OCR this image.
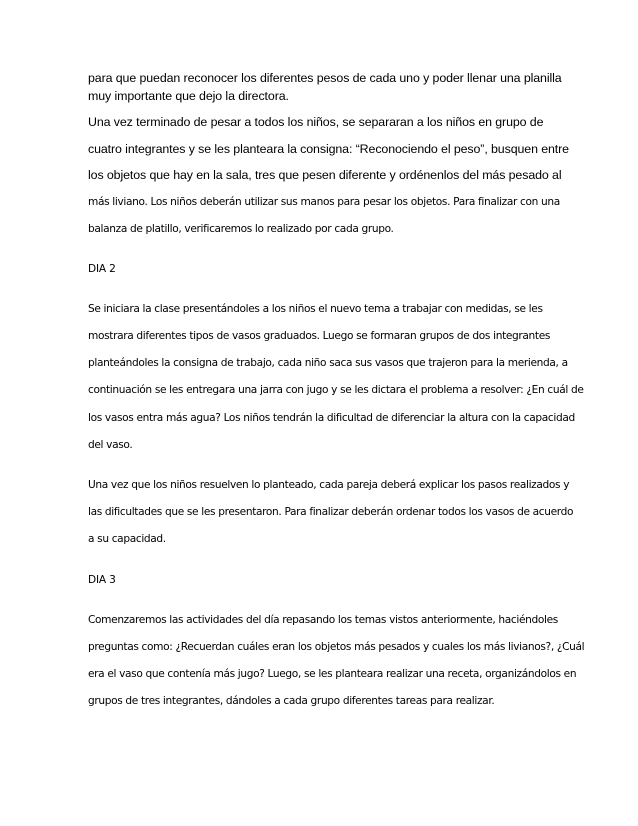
para que puedan reconocer los diferentes pesos de cada uno y poder llenar una planilla
muy importante que dejo la directora.
Una vez terminado de pesar a todos los niños, se separaran a los niños en grupo de
cuatro integrantes y se les planteara la consigna: “Reconociendo el peso”, busquen entre
los objetos que hay en la sala, tres que pesen diferente y ordénenlos del más pesado al
más liviano. Los niños deberán utilizar sus manos para pesar los objetos. Para finalizar con una
balanza de platillo, verificaremos lo realizado por cada grupo.
DIA 2
Se iniciara la clase presentándoles a los niños el nuevo tema a trabajar con medidas, se les
mostrara diferentes tipos de vasos graduados. Luego se formaran grupos de dos integrantes
planteándoles la consigna de trabajo, cada niño saca sus vasos que trajeron para la merienda, a
continuación se les entregara una jarra con jugo y se les dictara el problema a resolver: ¿En cuál de
los vasos entra más agua? Los niños tendrán la dificultad de diferenciar la altura con la capacidad
del vaso.
Una vez que los niños resuelven lo planteado, cada pareja deberá explicar los pasos realizados y
las dificultades que se les presentaron. Para finalizar deberán ordenar todos los vasos de acuerdo
a su capacidad.
DIA 3
Comenzaremos las actividades del día repasando los temas vistos anteriormente, haciéndoles
preguntas como: ¿Recuerdan cuáles eran los objetos más pesados y cuales los más livianos?, ¿Cuál
era el vaso que contenía más jugo? Luego, se les planteara realizar una receta, organizándolos en
grupos de tres integrantes, dándoles a cada grupo diferentes tareas para realizar.
